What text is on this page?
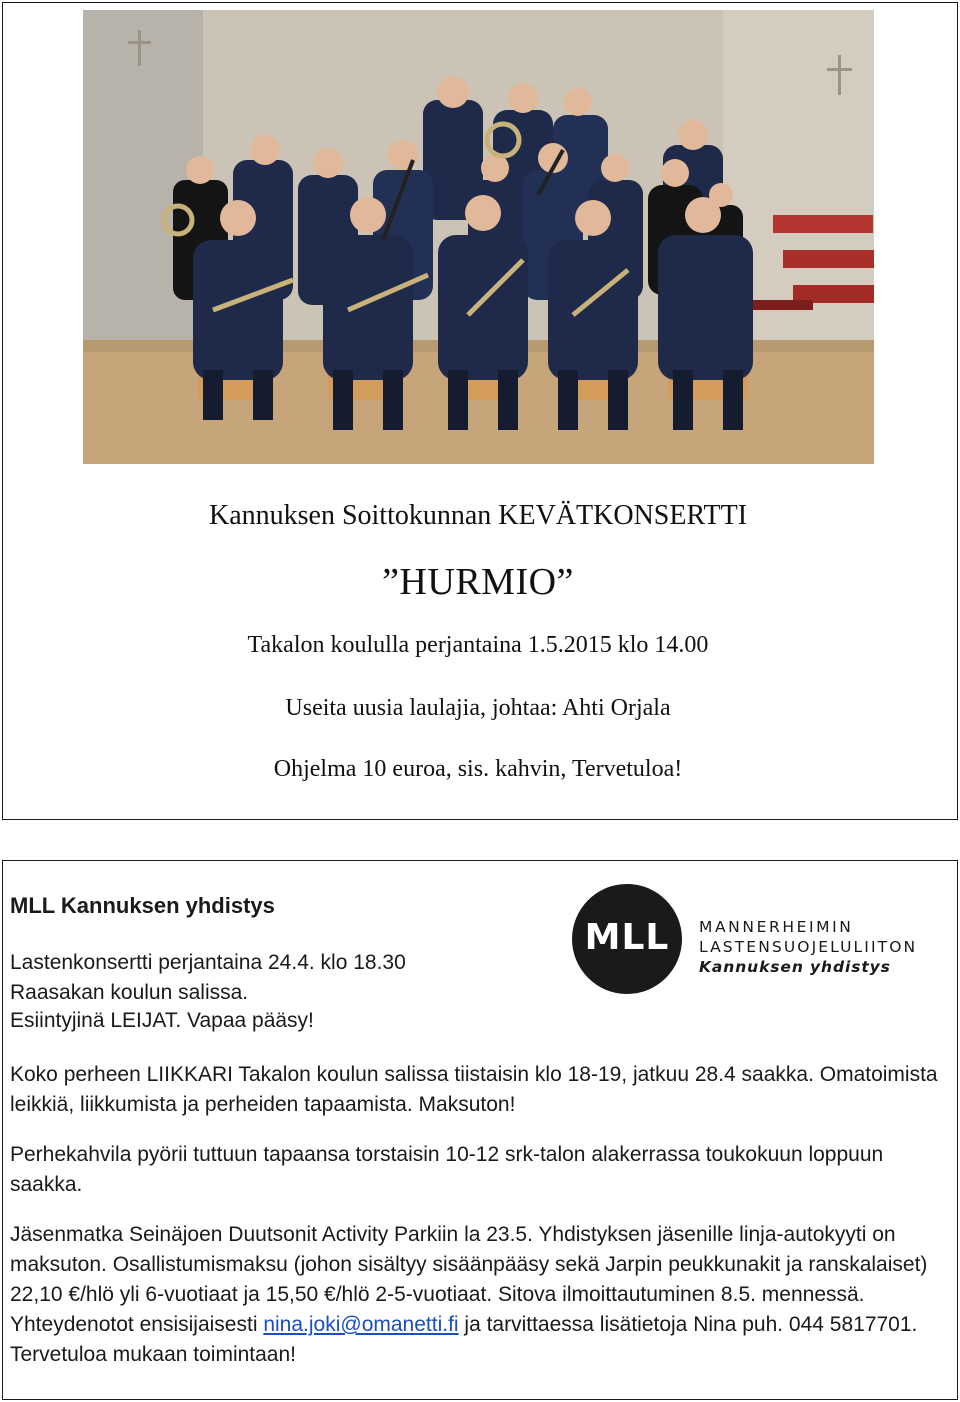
Kannuksen Soittokunnan KEVÄTKONSERTTI
”HURMIO”
Takalon koululla perjantaina 1.5.2015 klo 14.00
Useita uusia laulajia, johtaa: Ahti Orjala
Ohjelma 10 euroa, sis. kahvin, Tervetuloa!
MLL Kannuksen yhdistys
Lastenkonsertti perjantaina 24.4. klo 18.30
Raasakan koulun salissa.
Esiintyjinä LEIJAT. Vapaa pääsy!
MLL	MANNERHEIMIN
LASTENSUOJELULIITON
Kannuksen yhdistys
Koko perheen LIIKKARI Takalon koulun salissa tiistaisin klo 18-19, jatkuu 28.4 saakka. Omatoimista leikkiä, liikkumista ja perheiden tapaamista. Maksuton!
Perhekahvila pyörii tuttuun tapaansa torstaisin 10-12 srk-talon alakerrassa toukokuun loppuun saakka.
Jäsenmatka Seinäjoen Duutsonit Activity Parkiin la 23.5. Yhdistyksen jäsenille linja-autokyyti on maksuton. Osallistumismaksu (johon sisältyy sisäänpääsy sekä Jarpin peukkunakit ja ranskalaiset) 22,10 €/hlö yli 6-vuotiaat ja 15,50 €/hlö 2-5-vuotiaat. Sitova ilmoittautuminen 8.5. mennessä. Yhteydenotot ensisijaisesti nina.joki@omanetti.fi ja tarvittaessa lisätietoja Nina puh. 044 5817701.
Tervetuloa mukaan toimintaan!
